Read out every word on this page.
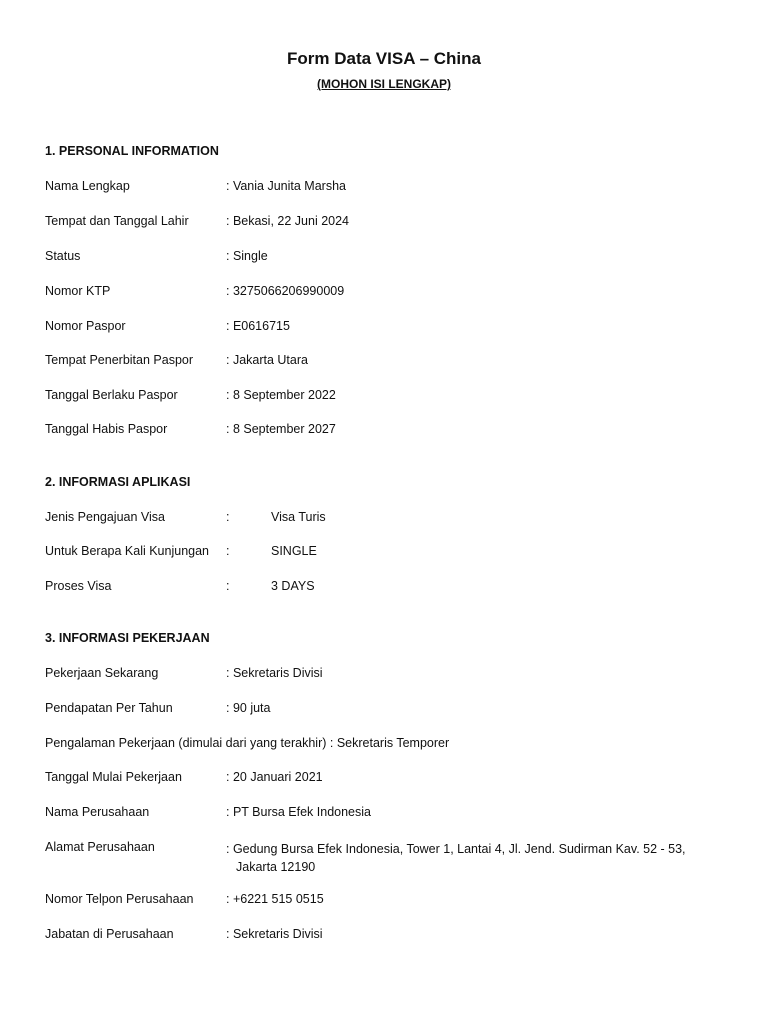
Form Data VISA – China
(MOHON ISI LENGKAP)
1. PERSONAL INFORMATION
Nama Lengkap	: Vania Junita Marsha
Tempat dan Tanggal Lahir	: Bekasi, 22 Juni 2024
Status	: Single
Nomor KTP	: 3275066206990009
Nomor Paspor	: E0616715
Tempat Penerbitan Paspor	: Jakarta Utara
Tanggal Berlaku Paspor	: 8 September 2022
Tanggal Habis Paspor	: 8 September 2027
2. INFORMASI APLIKASI
Jenis Pengajuan Visa	:	Visa Turis
Untuk Berapa Kali Kunjungan :	SINGLE
Proses Visa	:	3 DAYS
3. INFORMASI PEKERJAAN
Pekerjaan Sekarang	: Sekretaris Divisi
Pendapatan Per Tahun	: 90 juta
Pengalaman Pekerjaan (dimulai dari yang terakhir) : Sekretaris Temporer
Tanggal Mulai Pekerjaan	: 20 Januari 2021
Nama Perusahaan	: PT Bursa Efek Indonesia
Alamat Perusahaan	: Gedung Bursa Efek Indonesia, Tower 1, Lantai 4, Jl. Jend. Sudirman Kav. 52 - 53,
Jakarta 12190
Nomor Telpon Perusahaan	: +6221 515 0515
Jabatan di Perusahaan	: Sekretaris Divisi
